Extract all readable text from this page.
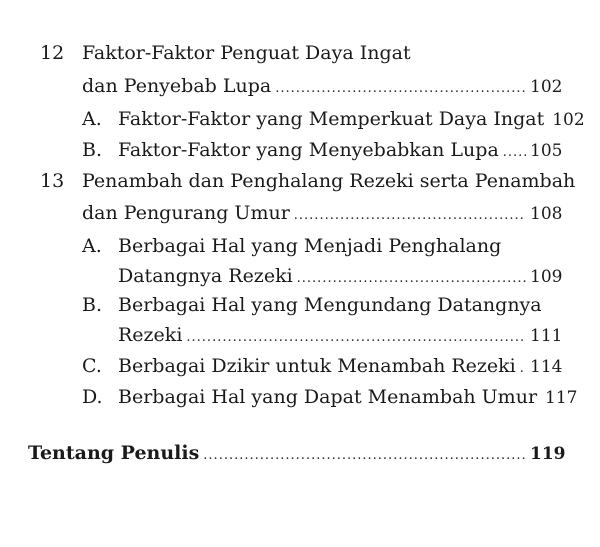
12 Faktor-Faktor Penguat Daya Ingat
dan Penyebab Lupa .....	102
A. Faktor-Faktor yang Memperkuat Daya Ingat 102
B. Faktor-Faktor yang Menyebabkan Lupa ..... 105
13 Penambah dan Penghalang Rezeki serta Penambah
dan Pengurang Umur .....	108
A. Berbagai Hal yang Menjadi Penghalang
Datangnya Rezeki .....	109
B. Berbagai Hal yang Mengundang Datangnya
Rezeki .....	111
C. Berbagai Dzikir untuk Menambah Rezeki ..... 114
D. Berbagai Hal yang Dapat Menambah Umur 117
Tentang Penulis .....	119
